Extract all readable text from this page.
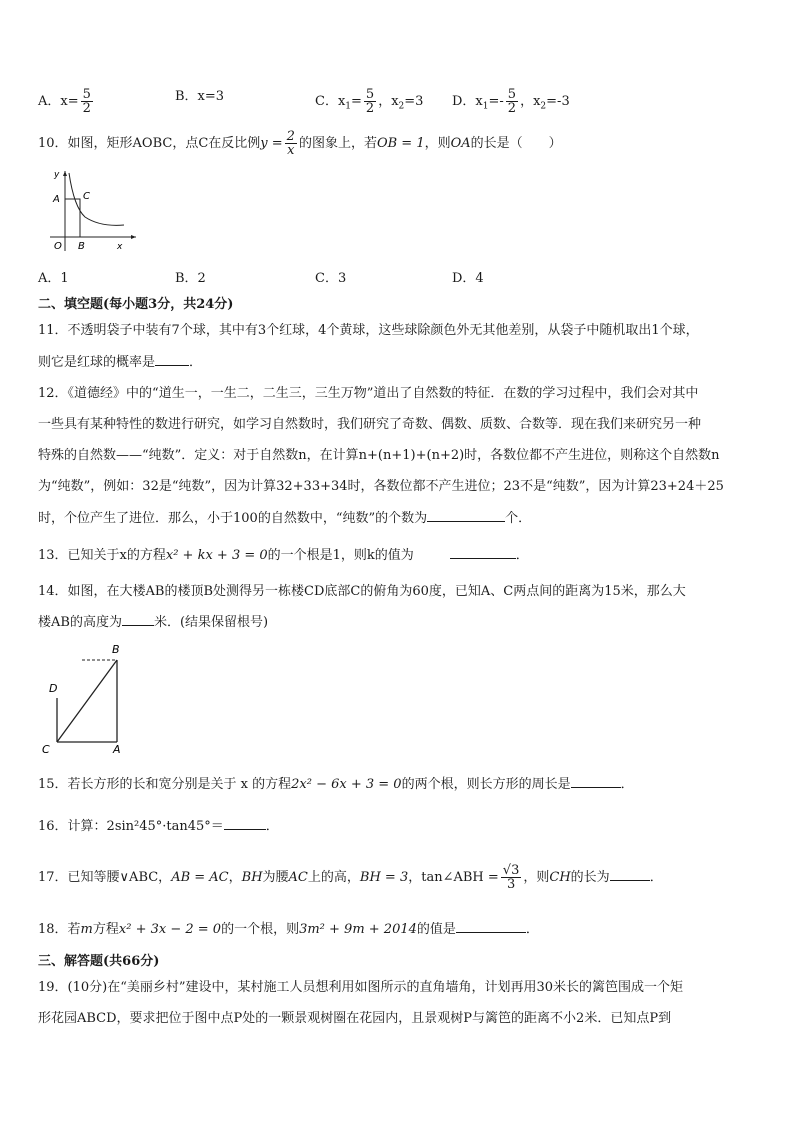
A．$x= \frac{5}{2}$	B．x=3	C．$x_1= \frac{5}{2}$ ，$x_2=3$ D．$x_1=- \frac{5}{2}$ ，$x_2=-3$
10．如图，矩形AOBC，点C在反比例$y = \frac{2}{x}$ 的图象上，若OB = 1，则OA的长是（　　）
y
A C
O B	x
A．1	B．2	C．3	D．4
二、填空题(每小题3分，共24分)
11．不透明袋子中装有7个球，其中有3个红球，4个黄球，这些球除颜色外无其他差别，从袋子中随机取出1个球，
则它是红球的概率是	．
12．《道德经》中的“道生一，一生二，二生三，三生万物”道出了自然数的特征．在数的学习过程中，我们会对其中
一些具有某种特性的数进行研究，如学习自然数时，我们研究了奇数、偶数、质数、合数等．现在我们来研究另一种
特殊的自然数——“纯数”．定义：对于自然数n，在计算n+(n+1)+(n+2)时，各数位都不产生进位，则称这个自然数n
为“纯数”，例如：32是“纯数”，因为计算32+33+34时，各数位都不产生进位；23不是“纯数”，因为计算23+24＋25
时，个位产生了进位．那么，小于100的自然数中，“纯数”的个数为	个．
13．已知关于x的方程x² + kx + 3 = 0的一个根是1，则k的值为	．
14．如图，在大楼AB的楼顶B处测得另一栋楼CD底部C的俯角为60度，已知A、C两点间的距离为15米，那么大
楼AB的高度为 米．(结果保留根号)
B
D
C	A
15．若长方形的长和宽分别是关于 x 的方程2x² − 6x + 3 = 0的两个根，则长方形的周长是	．
16．计算：2sin²45°·tan45°＝	．
17．已知等腰∨ABC，AB = AC，BH为腰AC上的高，BH = 3，tan∠ABH = $\frac{√3}{3}$ ，则CH的长为	．
18．若m方程x² + 3x − 2 = 0的一个根，则3m² + 9m + 2014的值是	．
三、解答题(共66分)
19．(10分)在“美丽乡村”建设中，某村施工人员想利用如图所示的直角墙角，计划再用30米长的篱笆围成一个矩
形花园ABCD，要求把位于图中点P处的一颗景观树圈在花园内，且景观树P与篱笆的距离不小2米．已知点P到
